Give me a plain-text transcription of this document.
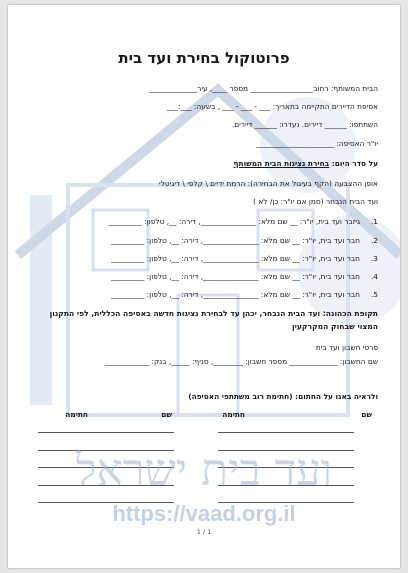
פרוטוקול בחירת ועד בית
הבית המשותף: רחוב_________________ מספר ____, עיר_____________
אסיפת הדיירים התקיימה בתאריך: ___ - ___ - ___ , בשעה: ___:___
השתתפו: ______ דיירים. נעדרו: ______ דיירים.
יו"ר האסיפה: _____________________
על סדר היום: בחירת נציגות הבית המשותף
אופן ההצבעה (הקף בעיגול את הבחירה): הרמת ידיים \ קלפי \ דיגיטלי
ועד הבית הנבחר (סמן אם יו"ר: כן/ לא )
1.
גיזבר ועד בית, יו"ר: __ שם מלא: _______________, דירה: __, טלפון: _________
2.
חבר ועד בית, יו"ר: __ שם מלא: _______________, דירה: __, טלפון: _________
3.
חבר ועד בית, יו"ר: __ שם מלא: _______________, דירה: __, טלפון: _________
4.
חבר ועד בית, יו"ר: __ שם מלא: _______________, דירה: __, טלפון: _________
5.
חבר ועד בית, יו"ר: __ שם מלא: _______________, דירה: __, טלפון: _________
תקופת הכהונה: ועד הבית הנבחר, יכהן עד לבחירת נציגות חדשה באסיפה הכללית, לפי התקנון המצוי שבחוק המקרקעין
פרטי חשבון ועד בית
שם החשבון: _____________ מספר חשבון: ________, סניף: _____, בנק: ____________
ולראיה באנו על החתום: (חתימת רוב משתתפי האסיפה)
שם
חתימה
שם
חתימה
ועד בית ישראל
https://vaad.org.il
1 / 1
